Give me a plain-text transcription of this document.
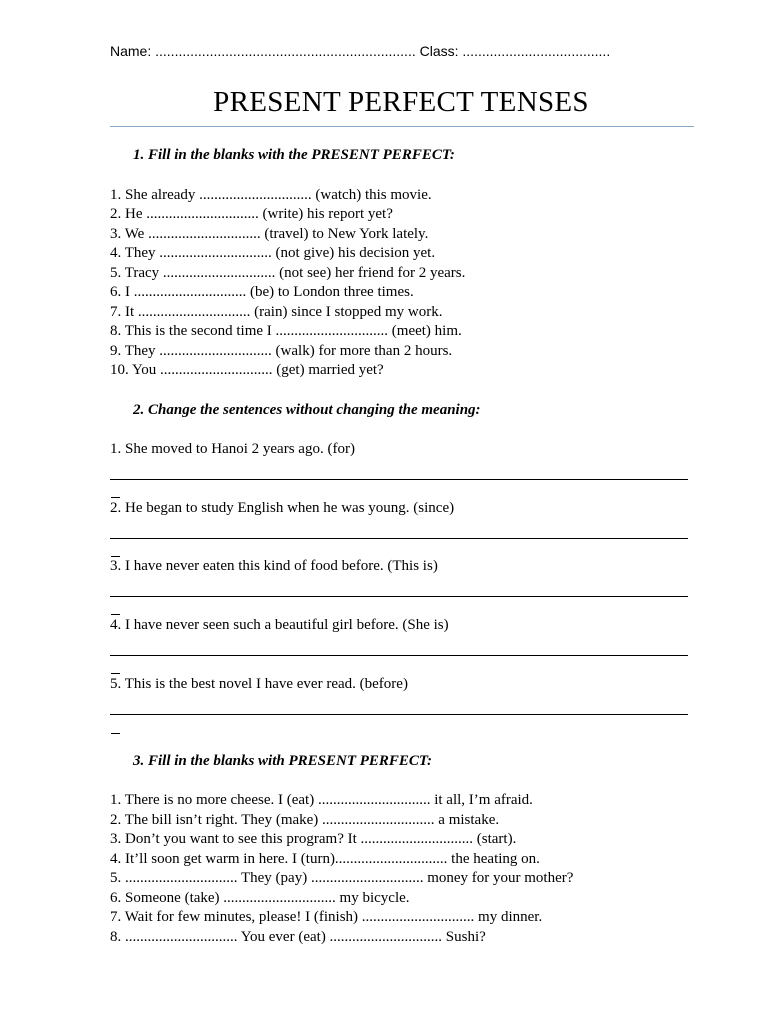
Name: ................................................................... Class: ......................................
PRESENT PERFECT TENSES
1. Fill in the blanks with the PRESENT PERFECT:
1. She already .............................. (watch) this movie.
2. He .............................. (write) his report yet?
3. We .............................. (travel) to New York lately.
4. They .............................. (not give) his decision yet.
5. Tracy .............................. (not see) her friend for 2 years.
6. I .............................. (be) to London three times.
7. It .............................. (rain) since I stopped my work.
8. This is the second time I .............................. (meet) him.
9. They .............................. (walk) for more than 2 hours.
10. You .............................. (get) married yet?
2. Change the sentences without changing the meaning:
1. She moved to Hanoi 2 years ago. (for)
2. He began to study English when he was young. (since)
3. I have never eaten this kind of food before. (This is)
4. I have never seen such a beautiful girl before. (She is)
5. This is the best novel I have ever read. (before)
3. Fill in the blanks with PRESENT PERFECT:
1. There is no more cheese. I (eat) .............................. it all, I’m afraid.
2. The bill isn’t right. They (make) .............................. a mistake.
3. Don’t you want to see this program? It .............................. (start).
4. It’ll soon get warm in here. I (turn).............................. the heating on.
5. .............................. They (pay) .............................. money for your mother?
6. Someone (take) .............................. my bicycle.
7. Wait for few minutes, please! I (finish) .............................. my dinner.
8. .............................. You ever (eat) .............................. Sushi?
